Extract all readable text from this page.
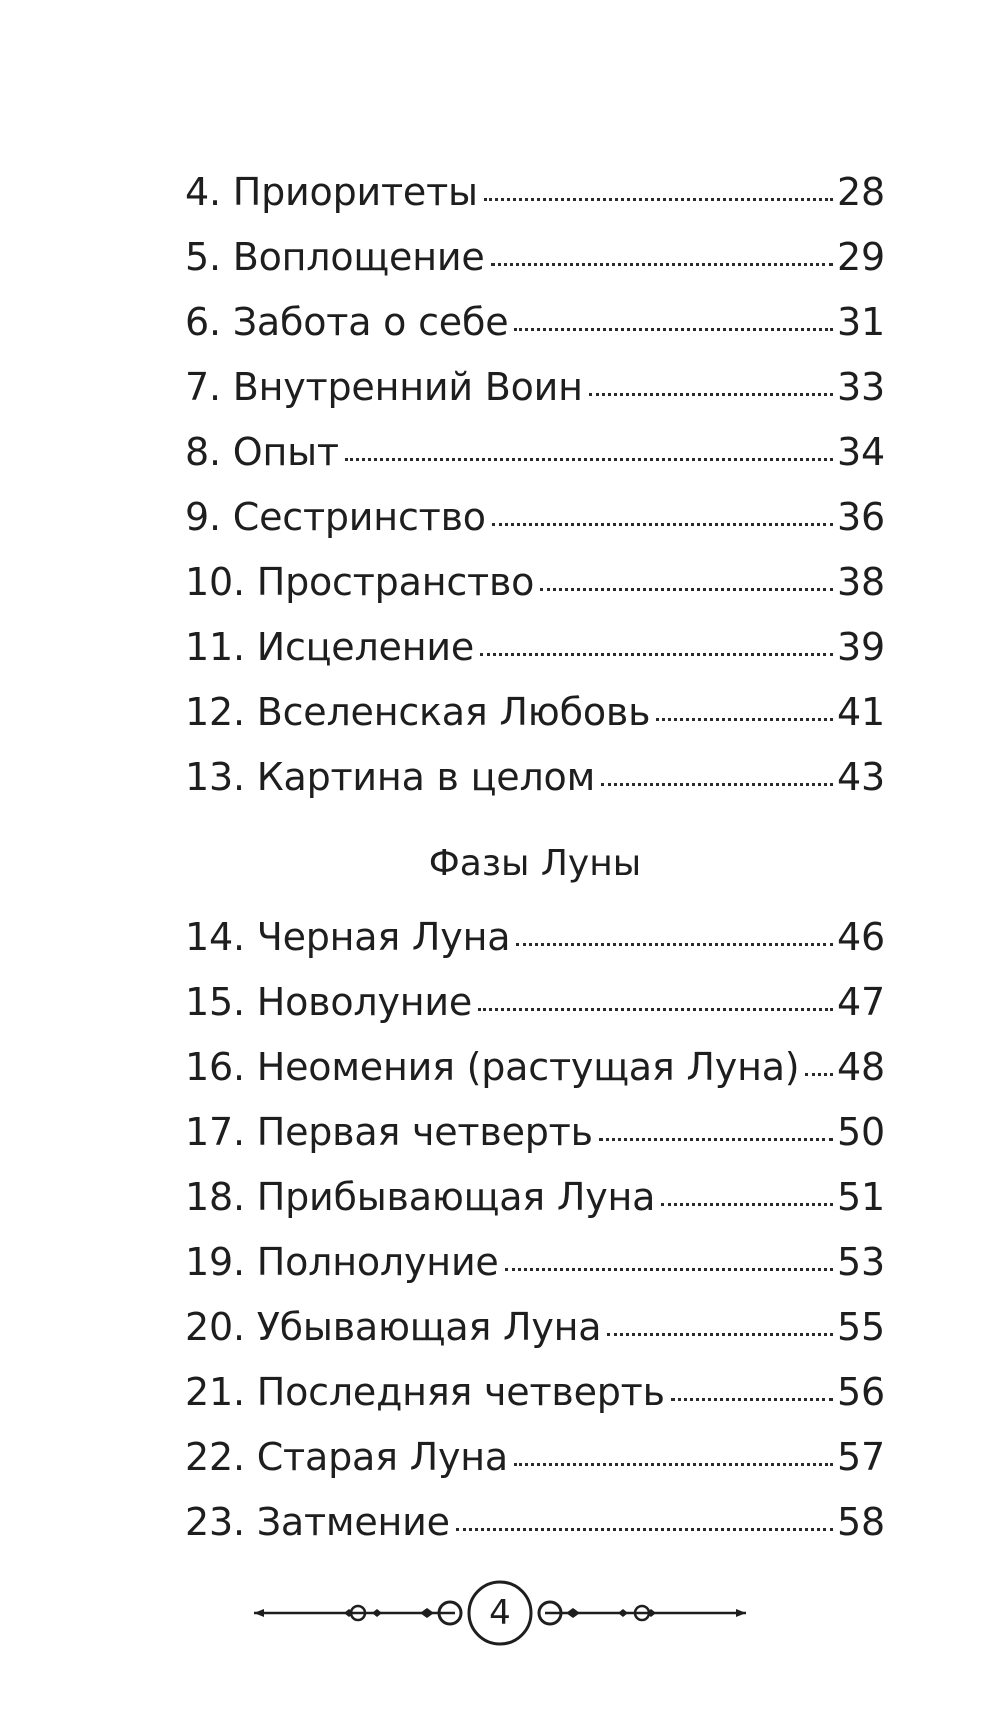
4. Приоритеты	28
5. Воплощение	29
6. Забота о себе	31
7. Внутренний Воин	33
8. Опыт	34
9. Сестринство	36
10. Пространство	38
11. Исцеление	39
12. Вселенская Любовь	41
13. Картина в целом	43
Фазы Луны
14. Черная Луна	46
15. Новолуние	47
16. Неомения (растущая Луна) 48
17. Первая четверть	50
18. Прибывающая Луна	51
19. Полнолуние	53
20. Убывающая Луна	55
21. Последняя четверть	56
22. Старая Луна	57
23. Затмение	58
4
